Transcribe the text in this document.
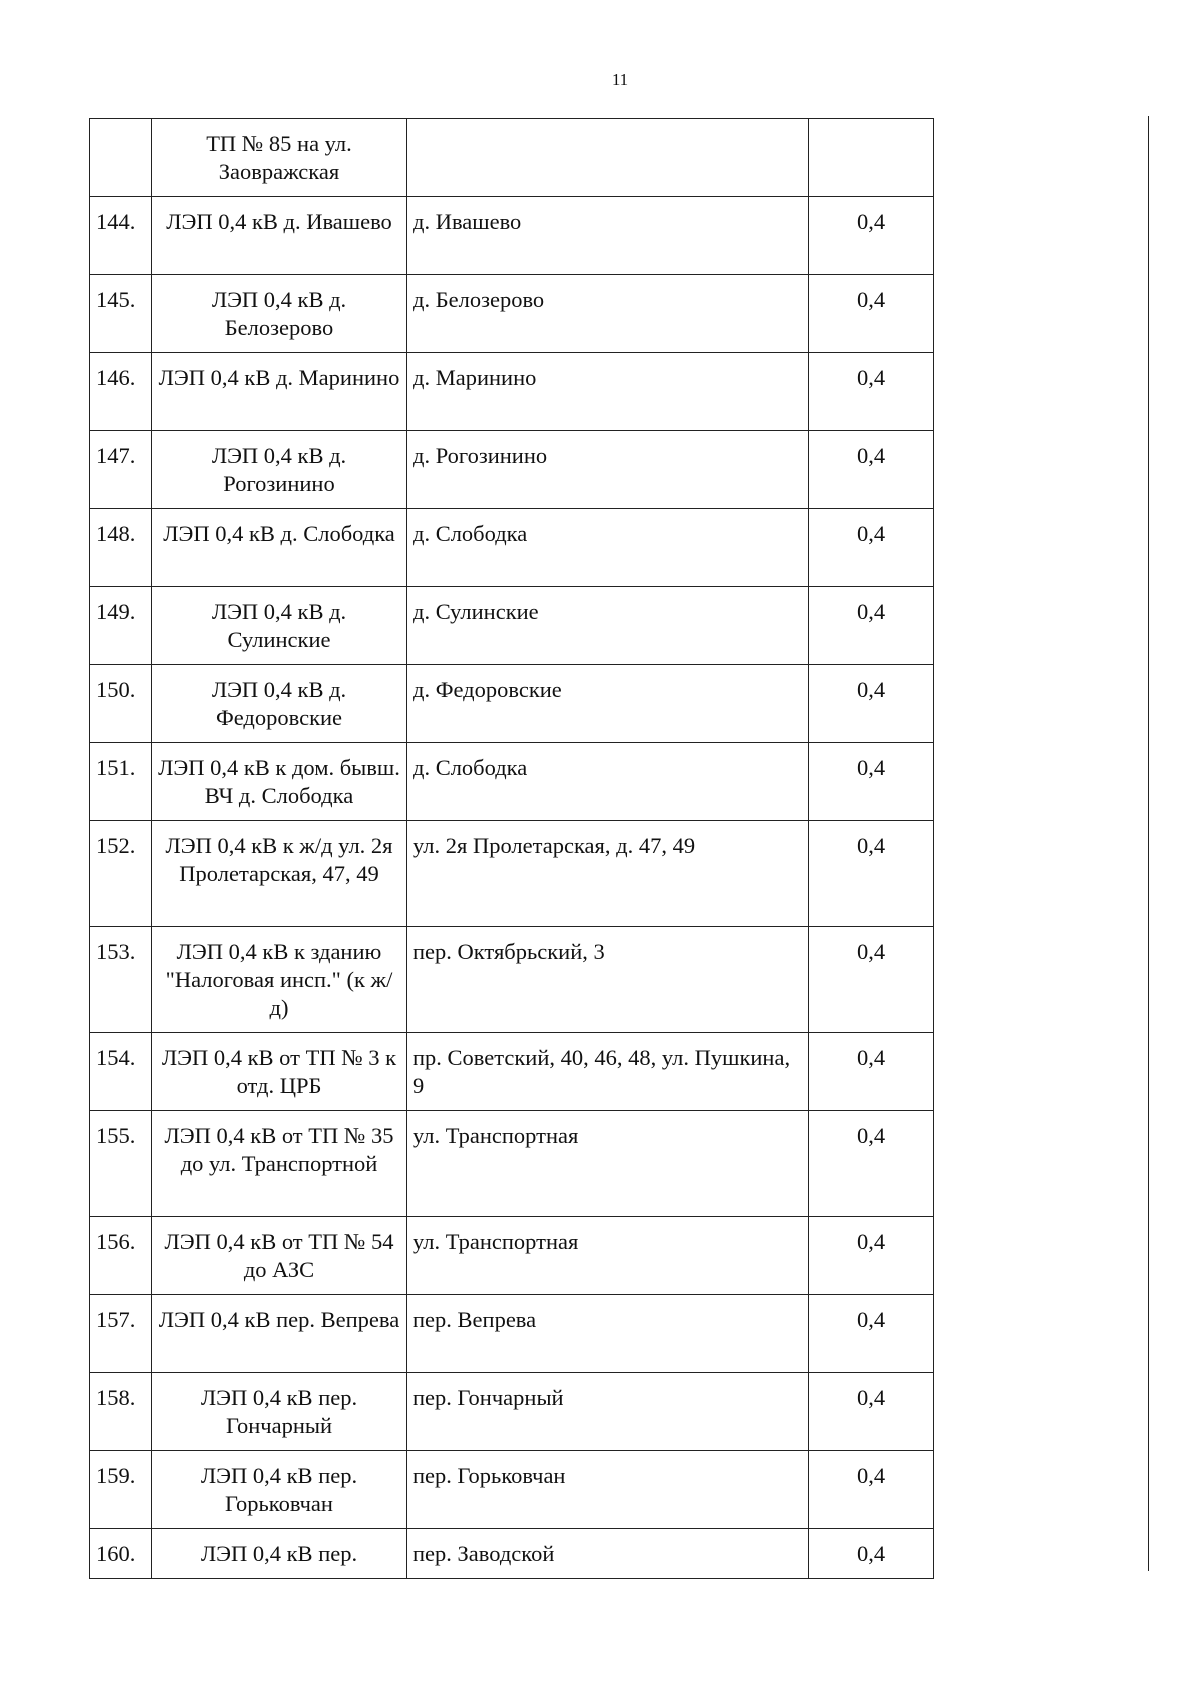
11
	ТП № 85 на ул. Заовражская		
144.	ЛЭП 0,4 кВ д. Ивашево	д. Ивашево	0,4
145.	ЛЭП 0,4 кВ д. Белозерово	д. Белозерово	0,4
146.	ЛЭП 0,4 кВ д. Маринино	д. Маринино	0,4
147.	ЛЭП 0,4 кВ д. Рогозинино	д. Рогозинино	0,4
148.	ЛЭП 0,4 кВ д. Слободка	д. Слободка	0,4
149.	ЛЭП 0,4 кВ д. Сулинские	д. Сулинские	0,4
150.	ЛЭП 0,4 кВ д. Федоровские	д. Федоровские	0,4
151.	ЛЭП 0,4 кВ к дом. бывш. ВЧ д. Слободка	д. Слободка	0,4
152.	ЛЭП 0,4 кВ к ж/д ул. 2я Пролетарская, 47, 49	ул. 2я Пролетарская, д. 47, 49	0,4
153.	ЛЭП 0,4 кВ к зданию "Налоговая инсп." (к ж/д)	пер. Октябрьский, 3	0,4
154.	ЛЭП 0,4 кВ от ТП № 3 к отд. ЦРБ	пр. Советский, 40, 46, 48, ул. Пушкина, 9	0,4
155.	ЛЭП 0,4 кВ от ТП № 35 до ул. Транспортной	ул. Транспортная	0,4
156.	ЛЭП 0,4 кВ от ТП № 54 до АЗС	ул. Транспортная	0,4
157.	ЛЭП 0,4 кВ пер. Вепрева	пер. Вепрева	0,4
158.	ЛЭП 0,4 кВ пер. Гончарный	пер. Гончарный	0,4
159.	ЛЭП 0,4 кВ пер. Горьковчан	пер. Горьковчан	0,4
160.	ЛЭП 0,4 кВ пер.	пер. Заводской	0,4
